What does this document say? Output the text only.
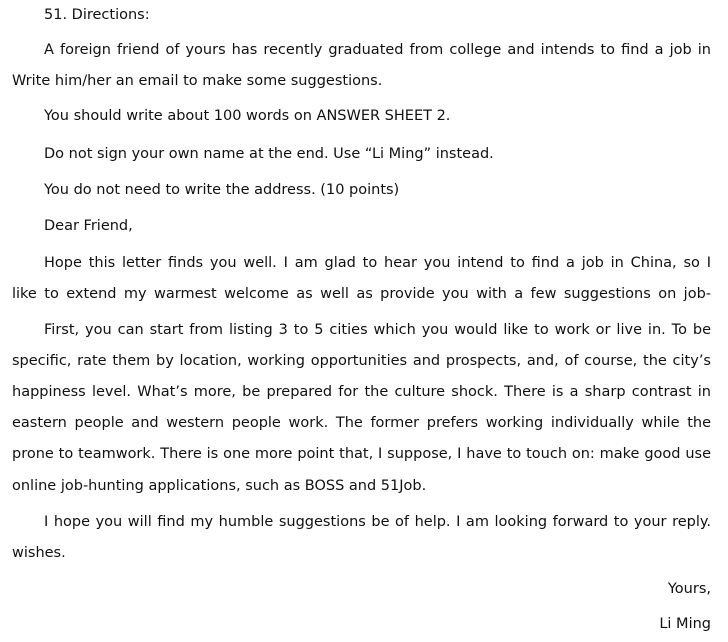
51. Directions:
A foreign friend of yours has recently graduated from college and intends to find a job in
Write him/her an email to make some suggestions.
You should write about 100 words on ANSWER SHEET 2.
Do not sign your own name at the end. Use “Li Ming” instead.
You do not need to write the address. (10 points)
Dear Friend,
Hope this letter finds you well. I am glad to hear you intend to find a job in China, so I
like to extend my warmest welcome as well as provide you with a few suggestions on job-
First, you can start from listing 3 to 5 cities which you would like to work or live in. To be
specific, rate them by location, working opportunities and prospects, and, of course, the city’s
happiness level. What’s more, be prepared for the culture shock. There is a sharp contrast in
eastern people and western people work. The former prefers working individually while the
prone to teamwork. There is one more point that, I suppose, I have to touch on: make good use
online job-hunting applications, such as BOSS and 51Job.
I hope you will find my humble suggestions be of help. I am looking forward to your reply.
wishes.
Yours,
Li Ming
